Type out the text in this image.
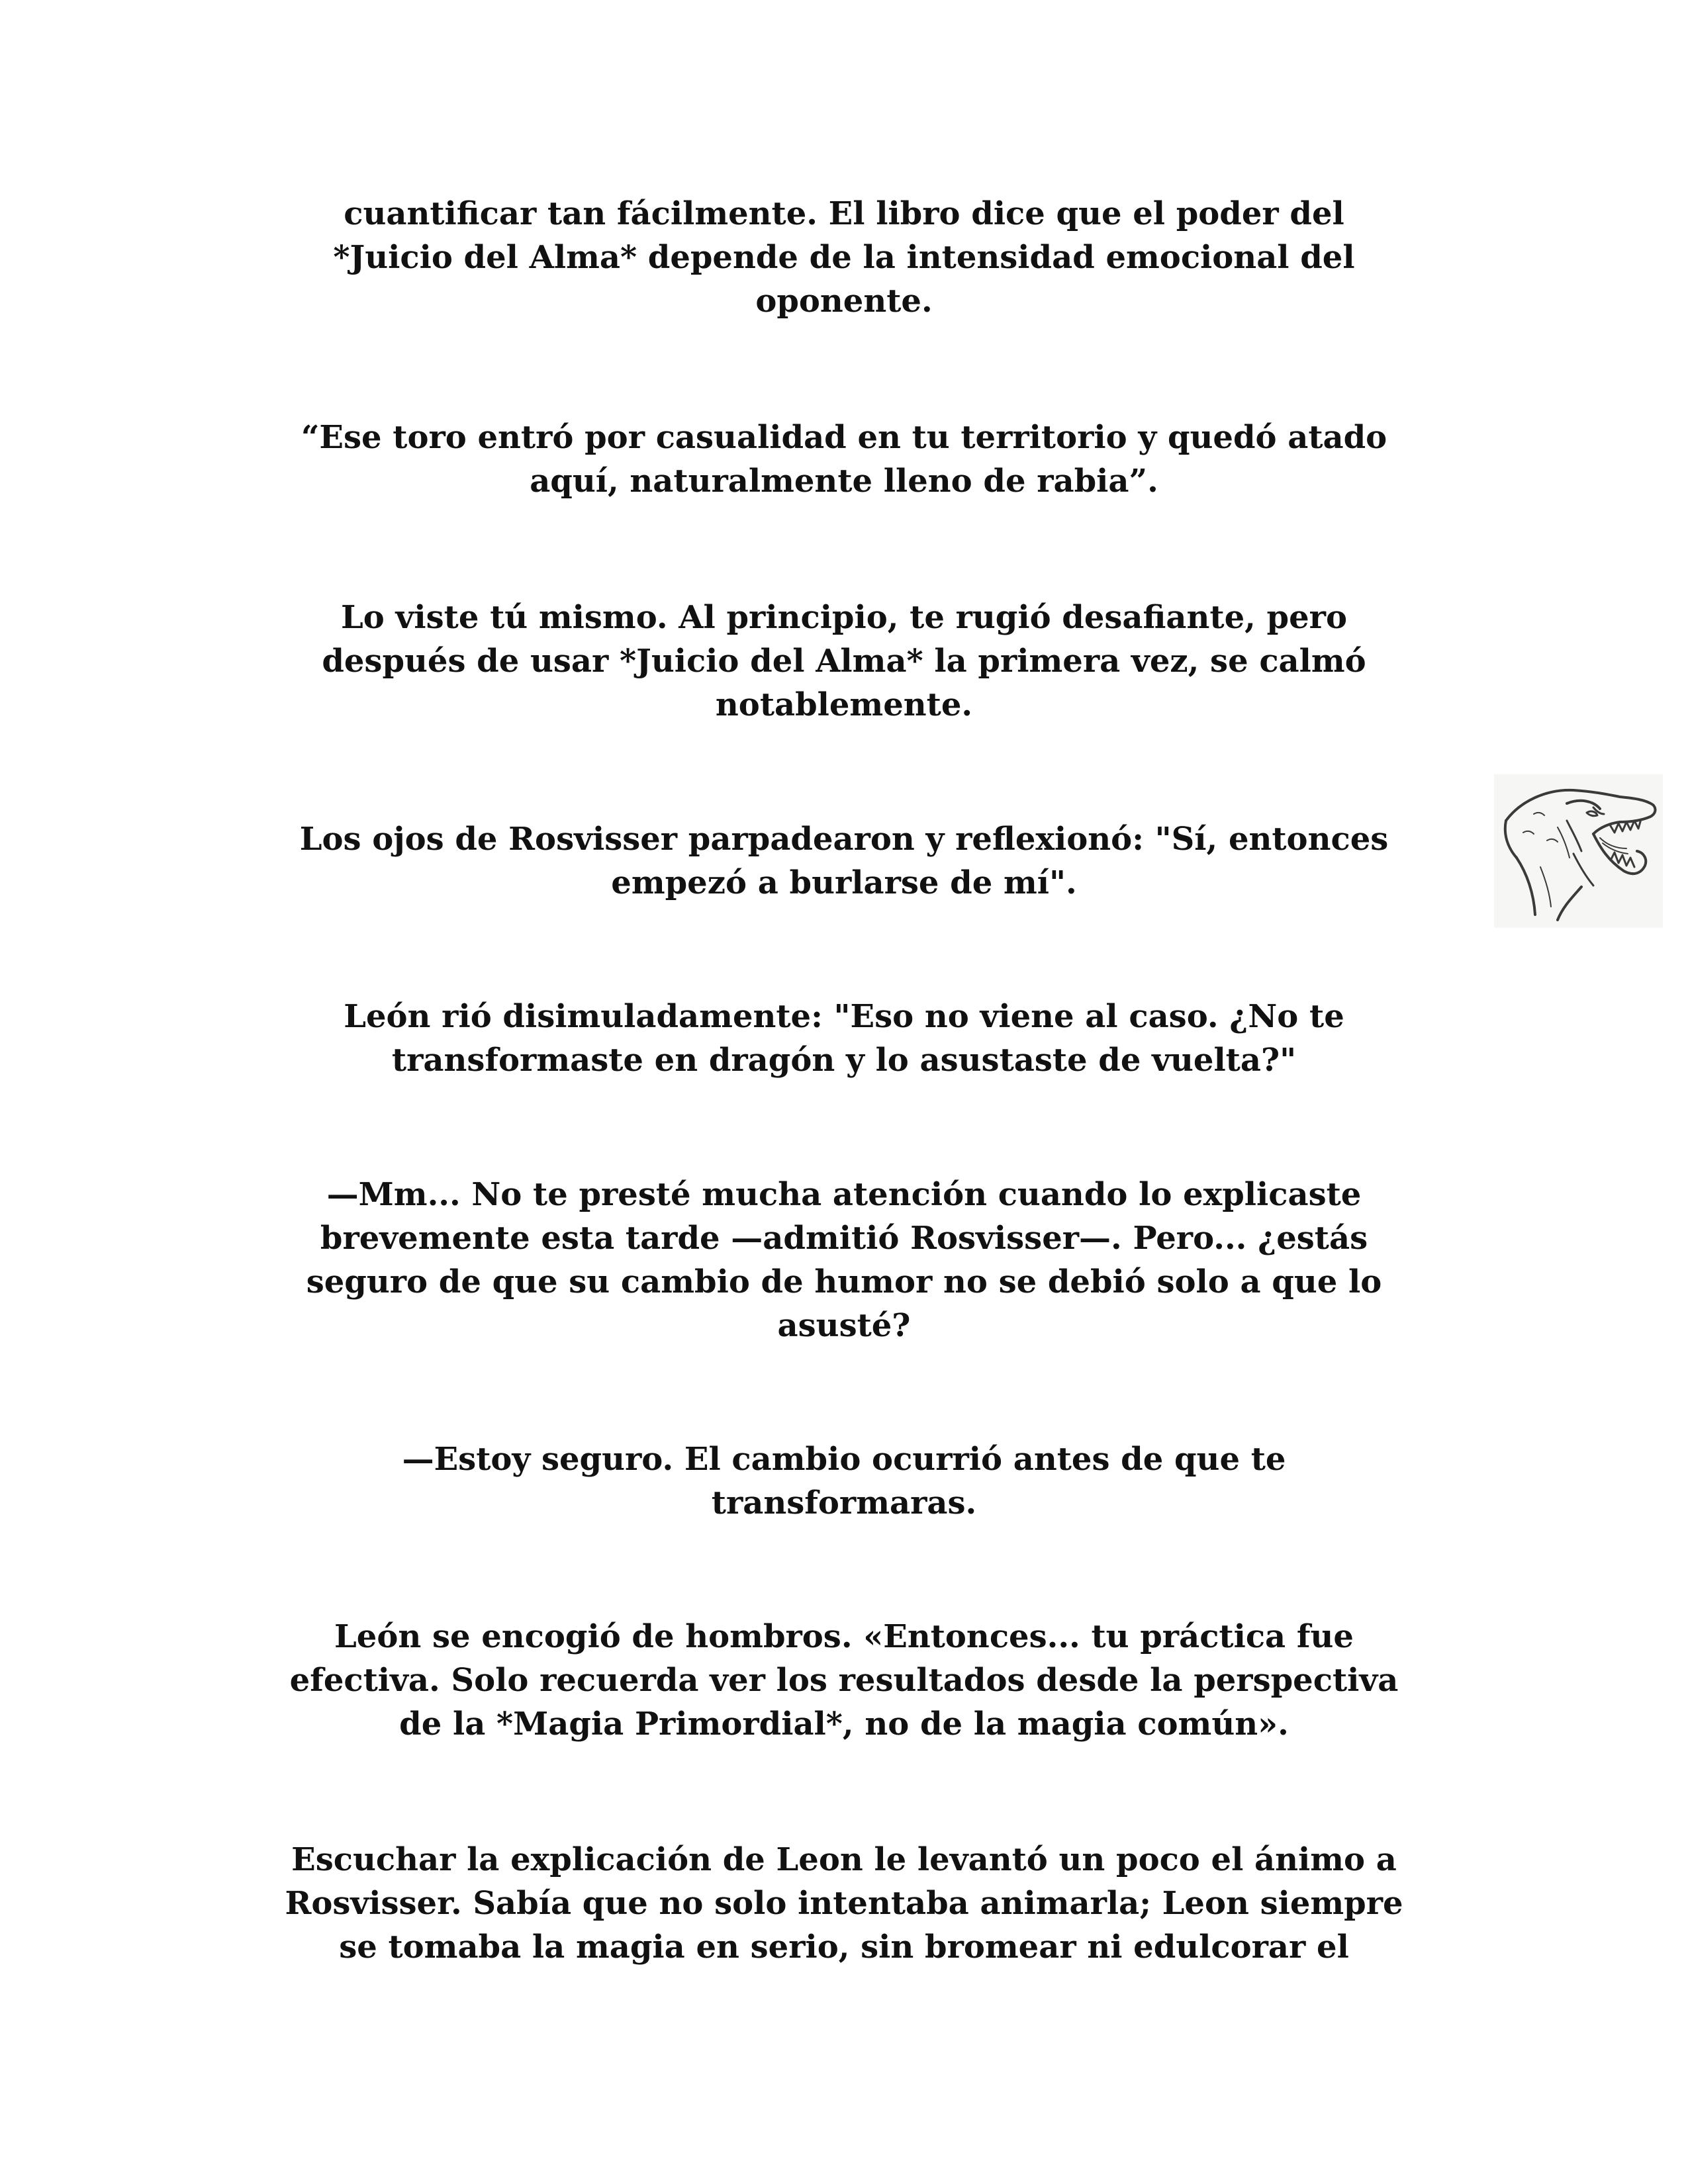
cuantificar tan fácilmente. El libro dice que el poder del
*Juicio del Alma* depende de la intensidad emocional del
oponente.

“Ese toro entró por casualidad en tu territorio y quedó atado
aquí, naturalmente lleno de rabia”.

Lo viste tú mismo. Al principio, te rugió desafiante, pero
después de usar *Juicio del Alma* la primera vez, se calmó
notablemente.

Los ojos de Rosvisser parpadearon y reflexionó: "Sí, entonces
empezó a burlarse de mí".

León rió disimuladamente: "Eso no viene al caso. ¿No te
transformaste en dragón y lo asustaste de vuelta?"

—Mm... No te presté mucha atención cuando lo explicaste
brevemente esta tarde —admitió Rosvisser—. Pero... ¿estás
seguro de que su cambio de humor no se debió solo a que lo
asusté?

—Estoy seguro. El cambio ocurrió antes de que te
transformaras.

León se encogió de hombros. «Entonces... tu práctica fue
efectiva. Solo recuerda ver los resultados desde la perspectiva
de la *Magia Primordial*, no de la magia común».

Escuchar la explicación de Leon le levantó un poco el ánimo a
Rosvisser. Sabía que no solo intentaba animarla; Leon siempre
se tomaba la magia en serio, sin bromear ni edulcorar el
